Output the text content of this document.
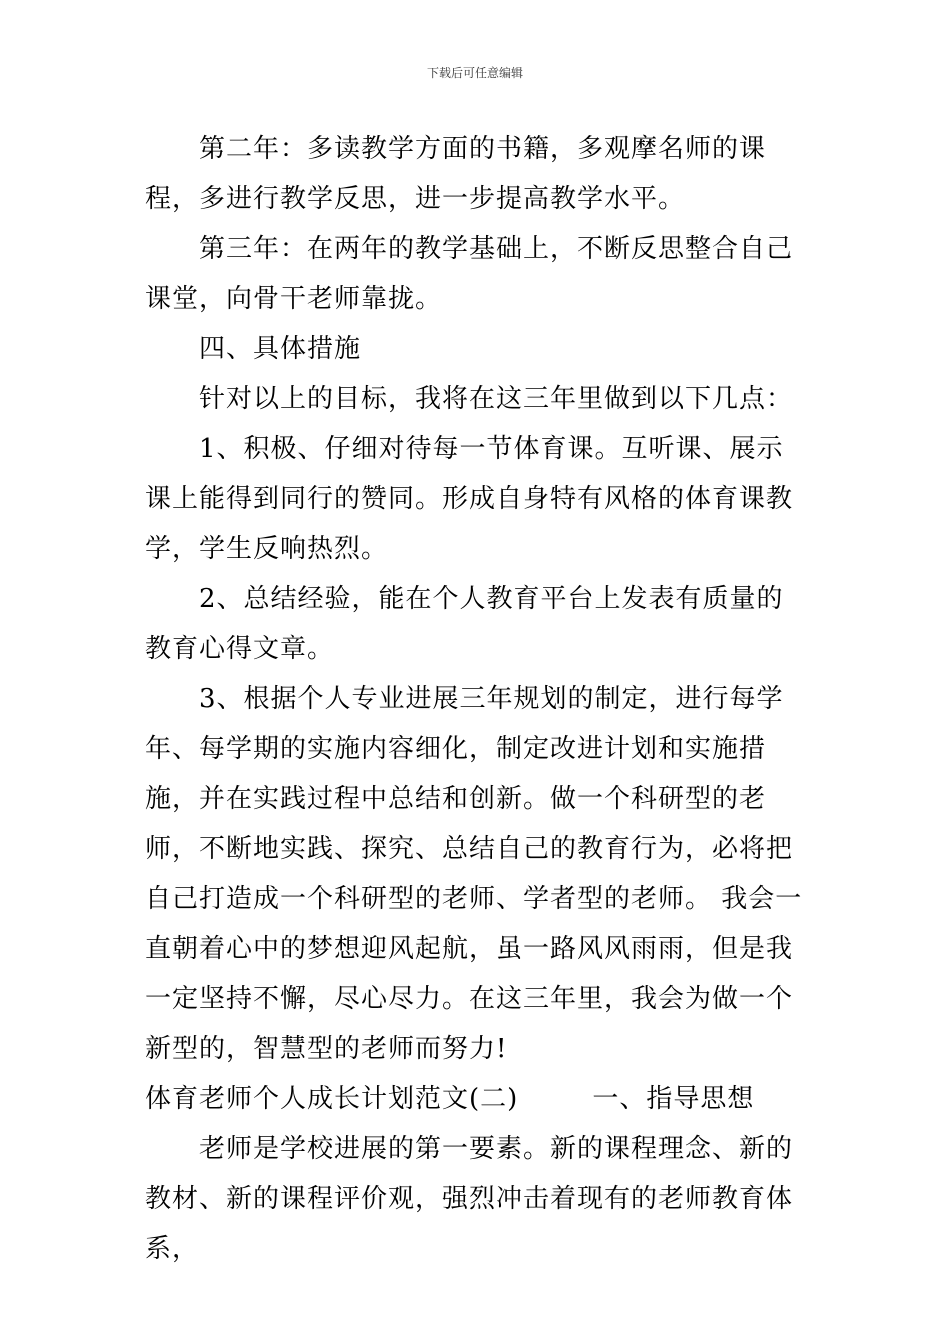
下载后可任意编辑

第二年：多读教学方面的书籍，多观摩名师的课程，多进行教学反思，进一步提高教学水平。

第三年：在两年的教学基础上，不断反思整合自己课堂，向骨干老师靠拢。

四、具体措施

针对以上的目标，我将在这三年里做到以下几点：

1、积极、仔细对待每一节体育课。互听课、展示课上能得到同行的赞同。形成自身特有风格的体育课教学，学生反响热烈。

2、总结经验，能在个人教育平台上发表有质量的教育心得文章。

3、根据个人专业进展三年规划的制定，进行每学年、每学期的实施内容细化，制定改进计划和实施措施，并在实践过程中总结和创新。做一个科研型的老师，不断地实践、探究、总结自己的教育行为，必将把自己打造成一个科研型的老师、学者型的老师。 我会一直朝着心中的梦想迎风起航，虽一路风风雨雨，但是我一定坚持不懈，尽心尽力。在这三年里，我会为做一个新型的，智慧型的老师而努力!

体育老师个人成长计划范文(二)	一、指导思想

老师是学校进展的第一要素。新的课程理念、新的教材、新的课程评价观，强烈冲击着现有的老师教育体系，
